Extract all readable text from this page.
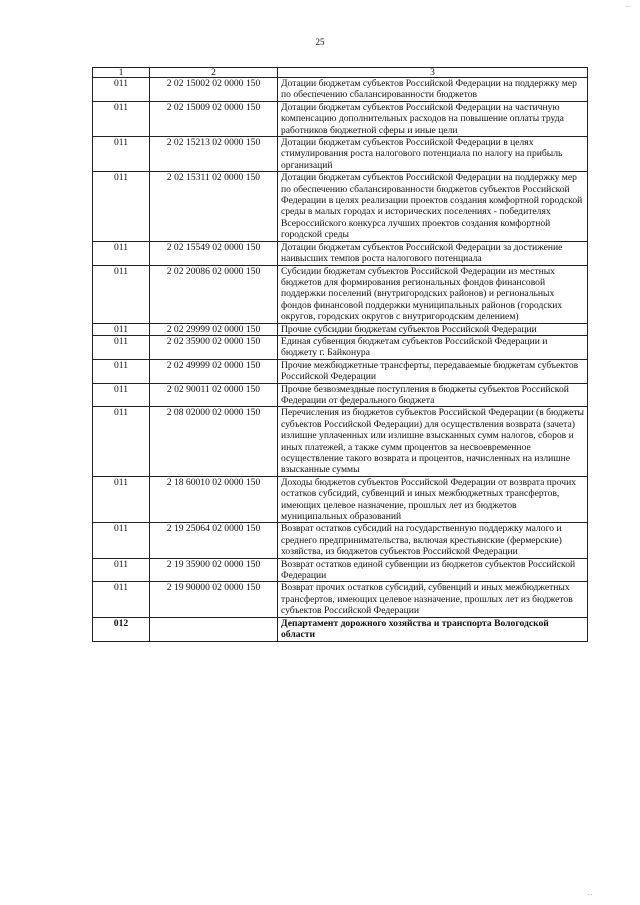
...
25
1	2	3
011	2 02 15002 02 0000 150	Дотации бюджетам субъектов Российской Федерации на поддержку мер по обеспечению сбалансированности бюджетов
011	2 02 15009 02 0000 150	Дотации бюджетам субъектов Российской Федерации на частичную компенсацию дополнительных расходов на повышение оплаты труда работников бюджетной сферы и иные цели
011	2 02 15213 02 0000 150	Дотации бюджетам субъектов Российской Федерации в целях стимулирования роста налогового потенциала по налогу на прибыль организаций
011	2 02 15311 02 0000 150	Дотации бюджетам субъектов Российской Федерации на поддержку мер по обеспечению сбалансированности бюджетов субъектов Российской Федерации в целях реализации проектов создания комфортной городской среды в малых городах и исторических поселениях - победителях Всероссийского конкурса лучших проектов создания комфортной городской среды
011	2 02 15549 02 0000 150	Дотации бюджетам субъектов Российской Федерации за достижение наивысших темпов роста налогового потенциала
011	2 02 20086 02 0000 150	Субсидии бюджетам субъектов Российской Федерации из местных бюджетов для формирования региональных фондов финансовой поддержки поселений (внутригородских районов) и региональных фондов финансовой поддержки муниципальных районов (городских округов, городских округов с внутригородским делением)
011	2 02 29999 02 0000 150	Прочие субсидии бюджетам субъектов Российской Федерации
011	2 02 35900 02 0000 150	Единая субвенция бюджетам субъектов Российской Федерации и бюджету г. Байконура
011	2 02 49999 02 0000 150	Прочие межбюджетные трансферты, передаваемые бюджетам субъектов Российской Федерации
011	2 02 90011 02 0000 150	Прочие безвозмездные поступления в бюджеты субъектов Российской Федерации от федерального бюджета
011	2 08 02000 02 0000 150	Перечисления из бюджетов субъектов Российской Федерации (в бюджеты субъектов Российской Федерации) для осуществления возврата (зачета) излишне уплаченных или излишне взысканных сумм налогов, сборов и иных платежей, а также сумм процентов за несвоевременное осуществление такого возврата и процентов, начисленных на излишне взысканные суммы
011	2 18 60010 02 0000 150	Доходы бюджетов субъектов Российской Федерации от возврата прочих остатков субсидий, субвенций и иных межбюджетных трансфертов, имеющих целевое назначение, прошлых лет из бюджетов муниципальных образований
011	2 19 25064 02 0000 150	Возврат остатков субсидий на государственную поддержку малого и среднего предпринимательства, включая крестьянские (фермерские) хозяйства, из бюджетов субъектов Российской Федерации
011	2 19 35900 02 0000 150	Возврат остатков единой субвенции из бюджетов субъектов Российской Федерации
011	2 19 90000 02 0000 150	Возврат прочих остатков субсидий, субвенций и иных межбюджетных трансфертов, имеющих целевое назначение, прошлых лет из бюджетов субъектов Российской Федерации
012		Департамент дорожного хозяйства и транспорта Вологодской области
. .
